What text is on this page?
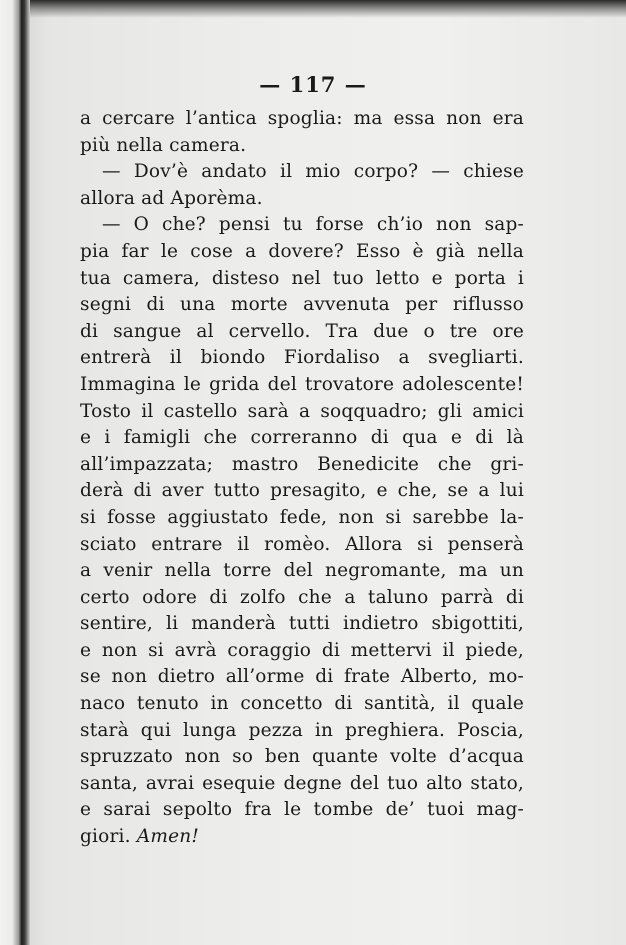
— 117 —
a cercare l’antica spoglia: ma essa non era
più nella camera.
— Dov’è andato il mio corpo? — chiese
allora ad Aporèma.
— O che? pensi tu forse ch’io non sap-
pia far le cose a dovere? Esso è già nella
tua camera, disteso nel tuo letto e porta i
segni di una morte avvenuta per riflusso
di sangue al cervello. Tra due o tre ore
entrerà il biondo Fiordaliso a svegliarti.
Immagina le grida del trovatore adolescente!
Tosto il castello sarà a soqquadro; gli amici
e i famigli che correranno di qua e di là
all’impazzata; mastro Benedicite che gri-
derà di aver tutto presagito, e che, se a lui
si fosse aggiustato fede, non si sarebbe la-
sciato entrare il romèo. Allora si penserà
a venir nella torre del negromante, ma un
certo odore di zolfo che a taluno parrà di
sentire, li manderà tutti indietro sbigottiti,
e non si avrà coraggio di mettervi il piede,
se non dietro all’orme di frate Alberto, mo-
naco tenuto in concetto di santità, il quale
starà qui lunga pezza in preghiera. Poscia,
spruzzato non so ben quante volte d’acqua
santa, avrai esequie degne del tuo alto stato,
e sarai sepolto fra le tombe de’ tuoi mag-
giori. Amen!
